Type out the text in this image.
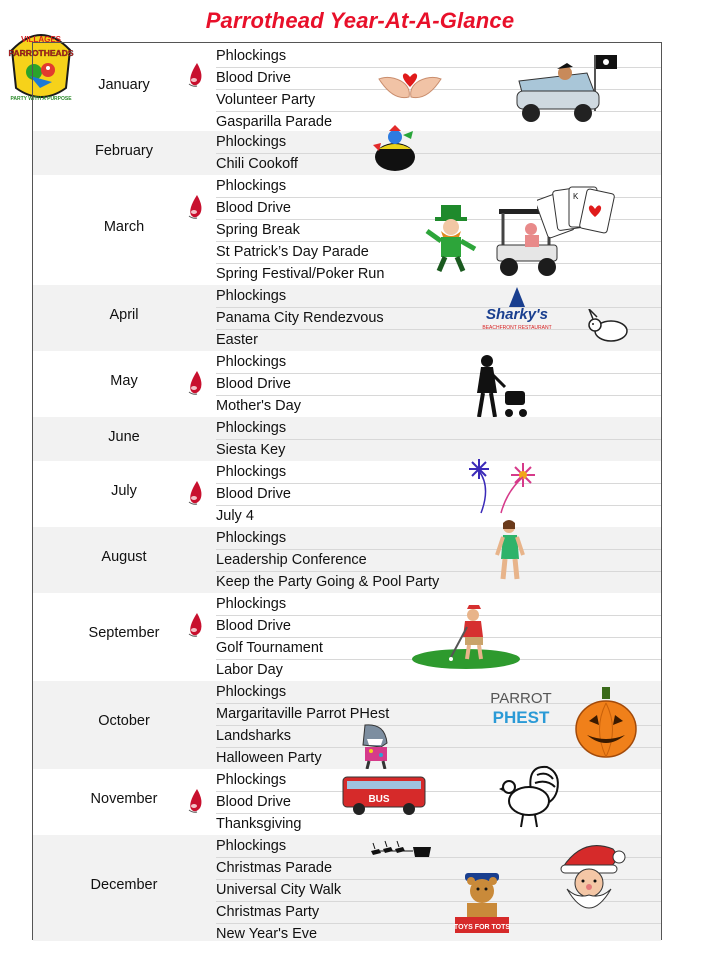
Parrothead Year-At-A-Glance
VILLAGES
PARROTHEADS
PARTY WITH A PURPOSE
January
Phlockings
Blood Drive
Volunteer Party
Gasparilla Parade
February
Phlockings
Chili Cookoff
March
Phlockings
Blood Drive
Spring Break
St Patrick’s Day Parade
Spring Festival/Poker Run
K
April
Phlockings
Panama City Rendezvous
Easter
Sharky's
BEACHFRONT RESTAURANT
May
Phlockings
Blood Drive
Mother's Day
June
Phlockings
Siesta Key
July
Phlockings
Blood Drive
July 4
August
Phlockings
Leadership Conference
Keep the Party Going & Pool Party
September
Phlockings
Blood Drive
Golf Tournament
Labor Day
October
Phlockings
Margaritaville Parrot PHest
Landsharks
Halloween Party
PARROT
PHEST
November
Phlockings
Blood Drive
Thanksgiving
BUS
December
Phlockings
Christmas Parade
Universal City Walk
Christmas Party
New Year's Eve	TOYS FOR TOTS
